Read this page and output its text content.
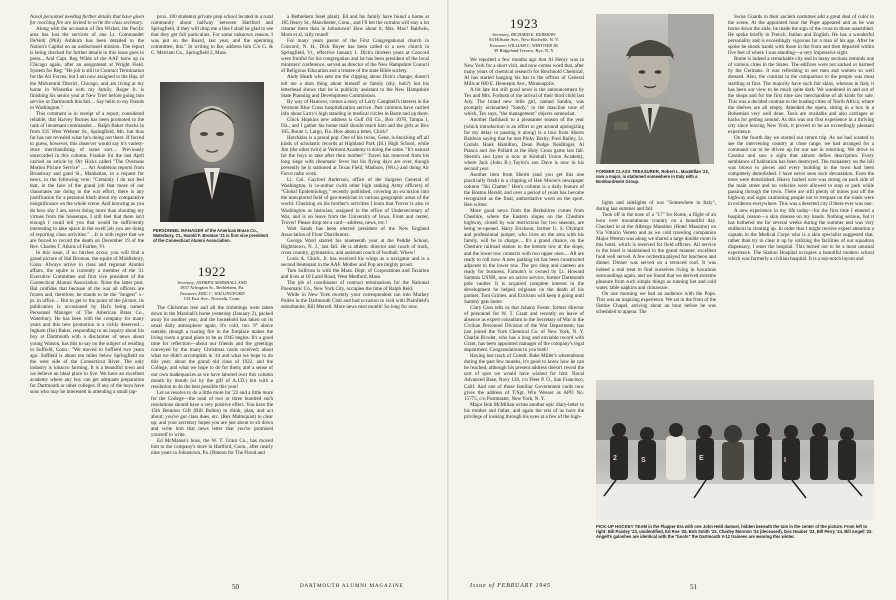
Naval personnel needing further details that have given for reaching fire are invited to write the class secretary.

Along with the accession of Jim Wicker, the Pacific area has lost the services of one Lt. Commander DeVelit (Phil) Ashburn has been detailed to the Nation's Capital on an undisclosed mission. The report is being checked for further details in this issue goes to press....And Capt. Reg Wilde of the AAF turns up in Chicago again, after an assignment at Wright Field. System for Reg: "He job is still in Contract Termination for the Air Forces, but I am now assigned to the Hqs. of the Midcentral District, Chicago, and am living at my home in Winnetka with my family. Roger Jr. is finishing his senior year at New Trier before going into service or Dartmouth this fall.... Say hello to my friends in Washington."

This comment is in receipt of a report, considered reliable, that Harvey Burnes has been promoted to the rank of lieutenant commander.... Ralph Baker checks in from 335 West Webster St., Springfield, Mo. but thus far has not revealed what he's doing out there. If forced to guess, however, this observer would say it's variety-store merchandising of some sort.... Previously unrecorded in this column. Frankie for the last April carried an article by Orr Hicks called "The Overseas Motion Picture Service" .... Art Anderson reports from Broadway and gand St., Manhattan, in a request for news, in the following vein: "Certainly I do not feel that, in the face of the grand job that more of our classmates are doing in the war effort, there is any justification for a personal blurb about my comparative insignificance on the whole scene. And knowing as you do how shy I am, never doing more than shouting my virtues from the housetops, I still feel that there isn't enough I could tell you that would be sufficiently interesting to take space in the swell job you are doing of reporting class activities." ...It is with regret that we are forced to record the death on December 19 of the Rev. Charles T. Atkins of Fairlee, Vt.

In this issue, if no hitches occur, you will find a grand picture of Hal Broman, the squire of Middlebury, Conn. Always active in class and regional Alumni affairs, the squire is currently a member of the '21 Executive Committee and first vice president of the Connecticut Alumni Association. None the latter post. Hal confides that because of the war all officers are frozen and, therefore, he stands to be the "longest" v.-pr. in office.... But to get to the point of the picture, its publication is occasioned by Hal's being named Personnel Manager of The American Brass Co., Waterbury. He has been with the company for many years and this new promotion is a richly deserved.... Ingham (Ike) Baker, responding to an inquiry about his boy at Dartmouth with a disclaimer of news about young Watson, has this to say on the subject of residing in Suffield, Conn.: "We moved to Suffield two years ago. Suffield is about ten miles below Springfield on the west side of the Connecticut River. The only industry is tobacco farming. It is a beautiful town and we believe an ideal place to live. We have an excellent academy where any boy can get adequate preparation for Dartmouth or other colleges. If any of the boys have sons who may be interested in attending a small (ap-

prox. 100 students) private prep school located in a rural community about halfway between Hartford and Springfield, if they will drop me a line I shall be glad to see that they get full particulars. For some unknown reason, I was put on the Board, last year, and the operating committee, this." In writing to Ike, address him C/o G. & C. Merriam Co., Springfield 2, Mass.

PERSONNEL MANAGER of the American Brass Co., Waterbury, Ct., Harold F. Broman '21 is first vice president of the Connecticut Alumni Association.
1922
Secretary, ANDREW MARSHALL AND
1857 Arlington St., Bethlehem, Pa.
Treasurer, ERIC C. WALLINGFORD
133 East Ave., Norwalk, Conn.

The Christmas tree and all the trimmings were taken down in the Marshall's home yesterday (January 2), packed away for another year, and the household has taken on its usual daily atmosphere again. It's cold, too. 9° above outside, though a roaring fire in the fireplace makes the living room a grand place to be as 1945 begins. It's a good time for reflection—about our friends and the greetings conveyed by the many Christmas cards received; about what we didn't accomplish in '44 and what we hope to do this year; about the grand old class of 1922, and the College, and what we hope to do for them; and a sense of our own inadequacies as we have labored over this column month by month (or by the gift of A.I.D.) but with a resolution to do the best possible this year!

Let us resolve to do a little more for '22 and a little more for the College—the total of two or three hundred such resolutions should have a very positive effect. You have the 15th Reunion Gift (Bill Bullen) to think, plan, and act about; you've got class dues, etc. (Rex Malmquist) to clear up; and your secretary hopes you are just about to sit down and write him that news letter that you've promised yourself to write.

Ed McManus's boss, the W. T. Grant Co., has moved him to the company's store in Hartford, Conn., after nearly nine years in Johnstown, Pa. (Bmeon for The Flood and

a Bethlehem Steel plant). Ed and his family have found a home at 185 Henry St., Manchester, Conn., and I'll bet the curtains will stay a lot cleaner there than in Johnstown! How about it, Mrs. Mac? Baldwin, Mom et al, rally round!

For many years pastor of the First Congregational church in Concord, N. H., Dick Boyer has been called to a new church in Springfield, Vt., effective January 1. Dick's thirteen years at Concord were fruitful for his congregation and he has been president of the local ministers' conference, served as director of the New Hampshire Council of Religious Education and a trustee of the state Bible society.

Andy Heath who sent me the clipping about Dick's change, doesn't tell me a darn thing about himself or family (shy, huh?) but his letterhead shows that he is publicity assistant to the New Hampshire State Planning and Development Commission.

By way of Hanover, comes a story of Larry Campbell's interest in the Vermont Blue Cross hospitalization service. Past columns have carried info about Larry's high standing in medical circles in Barre and up there.

Chick Hopkins new address is Gulf Oil Co., Box 1078, Tampa 1, Fla., and I gather his home mail should reach him and the girls at Box 105, Route 1, Largo, Fla. How about a letter, Chick?

Hotchkiss is a proud pop. One of his twins, Gene, is knocking off all kinds of scholastic records at Highland Park (Ill.) High School, while Jim (the other twin) at Vermont Academy is doing the same. "It's natural for the boys to take after their mother!" Travel has removed from his long siege with rheumatic fever but his flying days are over, though presently he is stationed at Texas Field, Madison, (Wis.) and doing Air Force radio work.

Lt. Col. Gaylord Anderson, office of the Surgeon General of Washington, is co-author (with other high ranking Army officers) of "Global Epidemiology," recently published, covering an excursion into the unexplored field of geo-medicine in various geographic areas of the world. Checking on his brother's activities I learn that Trover is also in Washington as historian, assigned to the office of Undersecretary of War, and is on leave from the University of Iowa. Front and center, Trover! Please drop me a card—address, news, etc.!

Walt Sands has been elected president of the New England Association of Flour Distributors.

George Ward started his nineteenth year at the Peddie School, Hightstown, N. J., last fall. He is athletic director and coach of track, cross country, gymnastics, and assistant coach of football. Whew!

Louis A. Gluck, Jr. has received his wings as a navigator and is a second lieutenant in the AAF. Mother and Pop are mighty proud.

Tom Sullivan is with the Mass. Dept. of Corporations and Taxation and lives at 10 Laird Road, West Medford, Mass.

The job of coordinator of contract terminations for the National Pneumatic Co., New York City, occupies the time of Ralph Reid.

While in New York recently your correspondent ran into Markey Pullen in the Dartmouth Club and had occasion to visit with Plainfield's suburbanite, Bill Merrell. More news next month! So long for now.

1923
Secretary, RICHARD E. KERSHAW
84 Hillside Ave., New Rochelle, N. Y.
Treasurer, WILLIAM C. WHITTIER JR.
39 Ridgeland Terrace, Rye, N. Y.

We reported a few months ago that Al Henry was in New York for a short visit, and now comes word that, after many years of chemical research for Reichhold Chemical, Al has started hanging his hat in the offices of General Mills at 600 E. Hennepin Ave., Minneapolis.

A bit late but still good news is the announcement by Tex and Mrs. Forbush of the arrival of their third child last July. The brand new little girl, named Sandra, was promptly nicknamed "Sandy," to the mascline tone of which, Tex says, "the management" objects somewhat.

Another flashback to a pleasanter season of the year (which introduction is an effort to get around apologizing for my delay in passing it along) is a tour from Sherm Baldwin saying that he met Pinky Bixby, Fred Bailey, Lt. Comdr. Hank Hamilton, Dean Pudge Neidlinger, Al Pianca and Joe Pollard at the Holy Cross game last fall. Sherm's son Lynn is now at Kimball Union Academy, where Jack (John B.) Taylor's son Dave is now in his second year.

Another item from Sherm (and you get this one practically fresh) is a clipping of Hen Moore's newspaper column "Ski Chatter." Hen's column is a daily feature of the Boston Herald, and over a period of years has become recognized as the final, authoritative word on the sport. Hen writes:

More good news from the Berkshires comes from Cheshire, where the Eastern slopes on the Cheshire highway, closed by war restrictions for two seasons, are being re-opened. Harry Erickson, former U. S. Olympic and professional jumper, who lives on the area with his family, will be in charge.... It's a grand chance, on the Cheshire railroad station to the bottom tow at the slope, and the lower tow connects with two upper ones.... All are ready to roll now. A new parking lot has been constructed adjacent to the lower tow. The pro shop and canteen are ready for business. Farnum's is owned by Lt. Howard Sammis USNR, now on active service, former Dartmouth pole vaulter. It is acquired complete interest in the development he helped originate on the death of his partner, Tom Grimes, and Erickson will keep it going until Sammy gets home.

Clary Goss tells us that Johnny Foster, former director of personnel for W. T. Grant and recently on leave of absence as expert consultant to the Secretary of War in the Civilian Personnel Division of the War Department, has just joined the York Chemical Co. of New York, N. Y. Charlie Rivolet, who has a long and enviable record with Grant, has been appointed manager of the company's legal department. Congratulations to you both!

Having lost track of Comdr. Bake Miller's whereabouts during the past few months, it's good to know how he can be reached, although his present address doesn't reveal the sort of spot we would have wished for him: Naval Advanced Base, Navy 128, c/o Fleet P. O., San Francisco, Calif. And one of those familiar Government cards now gives the address of T/Sgt. Win Wesser as APO No. 15775, c/o Postmaster, New York, N. Y.

Major Bob McMillan writes another epic diary-letter to his mother and father, and again the rest of us have the privilege of looking through his eyes at a few of the high-

FORMER CLASS TREASURER, Robert L. MacMillan '23, now a major, is stationed somewhere in Italy with a Bombardment Group.

lights and sidelights of war "Somewhere in Italy", during last summer and fall.

Took off in the nose of a "17" for Rome, a flight of an hour over mountainous country on a beautiful day. Checked in at the Albergo Massimo (Hotel Massimo) on Via Vittorio Veneto and as we cold traveling companion Major Weston was along we shared a large double room in this hotel, which is reserved for field officers. All service in the hotel is maintained in the grand manner, excellent food well served. A few orchestra played for luncheon and dinner. Dinner was served on a terraced roof. It was indeed a real treat to find ourselves living in luxurious surroundings again, and we found that we derived extreme pleasure from such simple things as running hot and cold water, table napkins and chinaware.

On one morning we had an audience with the Pope. This was an inspiring experience. We sat in the front of the Sistine Chapel, arriving about an hour before he was scheduled to appear. The

Swiss Guards in their ancient costumes add a great deal of color to the scene. At the appointed hour the Pope appeared and as he was borne down the aisle, he made the sign of the cross to those assembled. He spoke briefly in French, Italian and English. He has a wonderful personality and is exceedingly vigorous for a man of his age. After he spoke he shook hands with those in the front and then departed within five feet of where I was standing—a very impressive sight.

Rome is indeed a remarkable city and in many sections reminds one of various cities in the States. The edifices were not sacked or harmed by the Germans. It was refreshing to see men and women so well dressed. Also, the contrast in the comparison to the people was most startling at first. The majority have such fair skins, whereas in Italy it has been our view to be much quite dark. We wandered in and out of the shops and for the first time saw merchandise of all kinds for sale. This was a decided contrast to the leading cities of North Africa, where the shelves are all empty. Attended the opera, sitting in a box in a Bohemian very well done. Taxis are available and also carriages or hacks for getting around. As this was our first experience in a thriving city since leaving New York, it proved to be an exceedingly pleasant experience.

On the fourth day we started our return trip. As we had wanted to see the intervening country at close range, we had arranged for a command car to be driven up for our use in returning. We drove to Cassino and saw a sight that almost defies description. Every semblance of habitation has been destroyed. The monastery on the hill was blown to pieces and every building in the town had been completely demolished. I have never seen such devastation. Even the trees were demolished. Heavy barbed wire was strung on each side of the main street and no vehicles were allowed to stop or park while passing through the town. There are still plenty of mines just off the highway and signs cautioning people not to trespass on the roads were in evidence everywhere. This was a deserted city if there ever was one.

A new experience in my life today—for the first time I entered a hospital, reason—a skin disease on my hands. Nothing serious, but it has bothered me for several weeks during the summer and was very stubborn in clearing up. In order that I might receive expert attention a captain in the Medical Corps who is a skin specialist suggested that, rather than try to clear it up by utilizing the facilities of our squadron dispensary, I enter the hospital. This turned out to be a most unusual experience. The Station Hospital occupies a beautiful modern school which was formerly a civilian hospital. It is a top-notch layout and

2	S	E	I
PICK-UP HOCKEY TEAM in the Flapper Era with one John Held damsel, hidden beneath the tam in the center of the picture. From left to right: Bill Paisley '23, unidentified, Ed Roe '25, Bob Smith '23, Charley Mormon '24 (deceased), Doc Hauber '23, Bill Perry '24, Bill Angell '23. Angell's galoshes are identical with the "boots" the Dartmouth V-12 trainees are wearing this winter.
50	DARTMOUTH ALUMNI MAGAZINE	Issue of FEBRUARY 1945	51
